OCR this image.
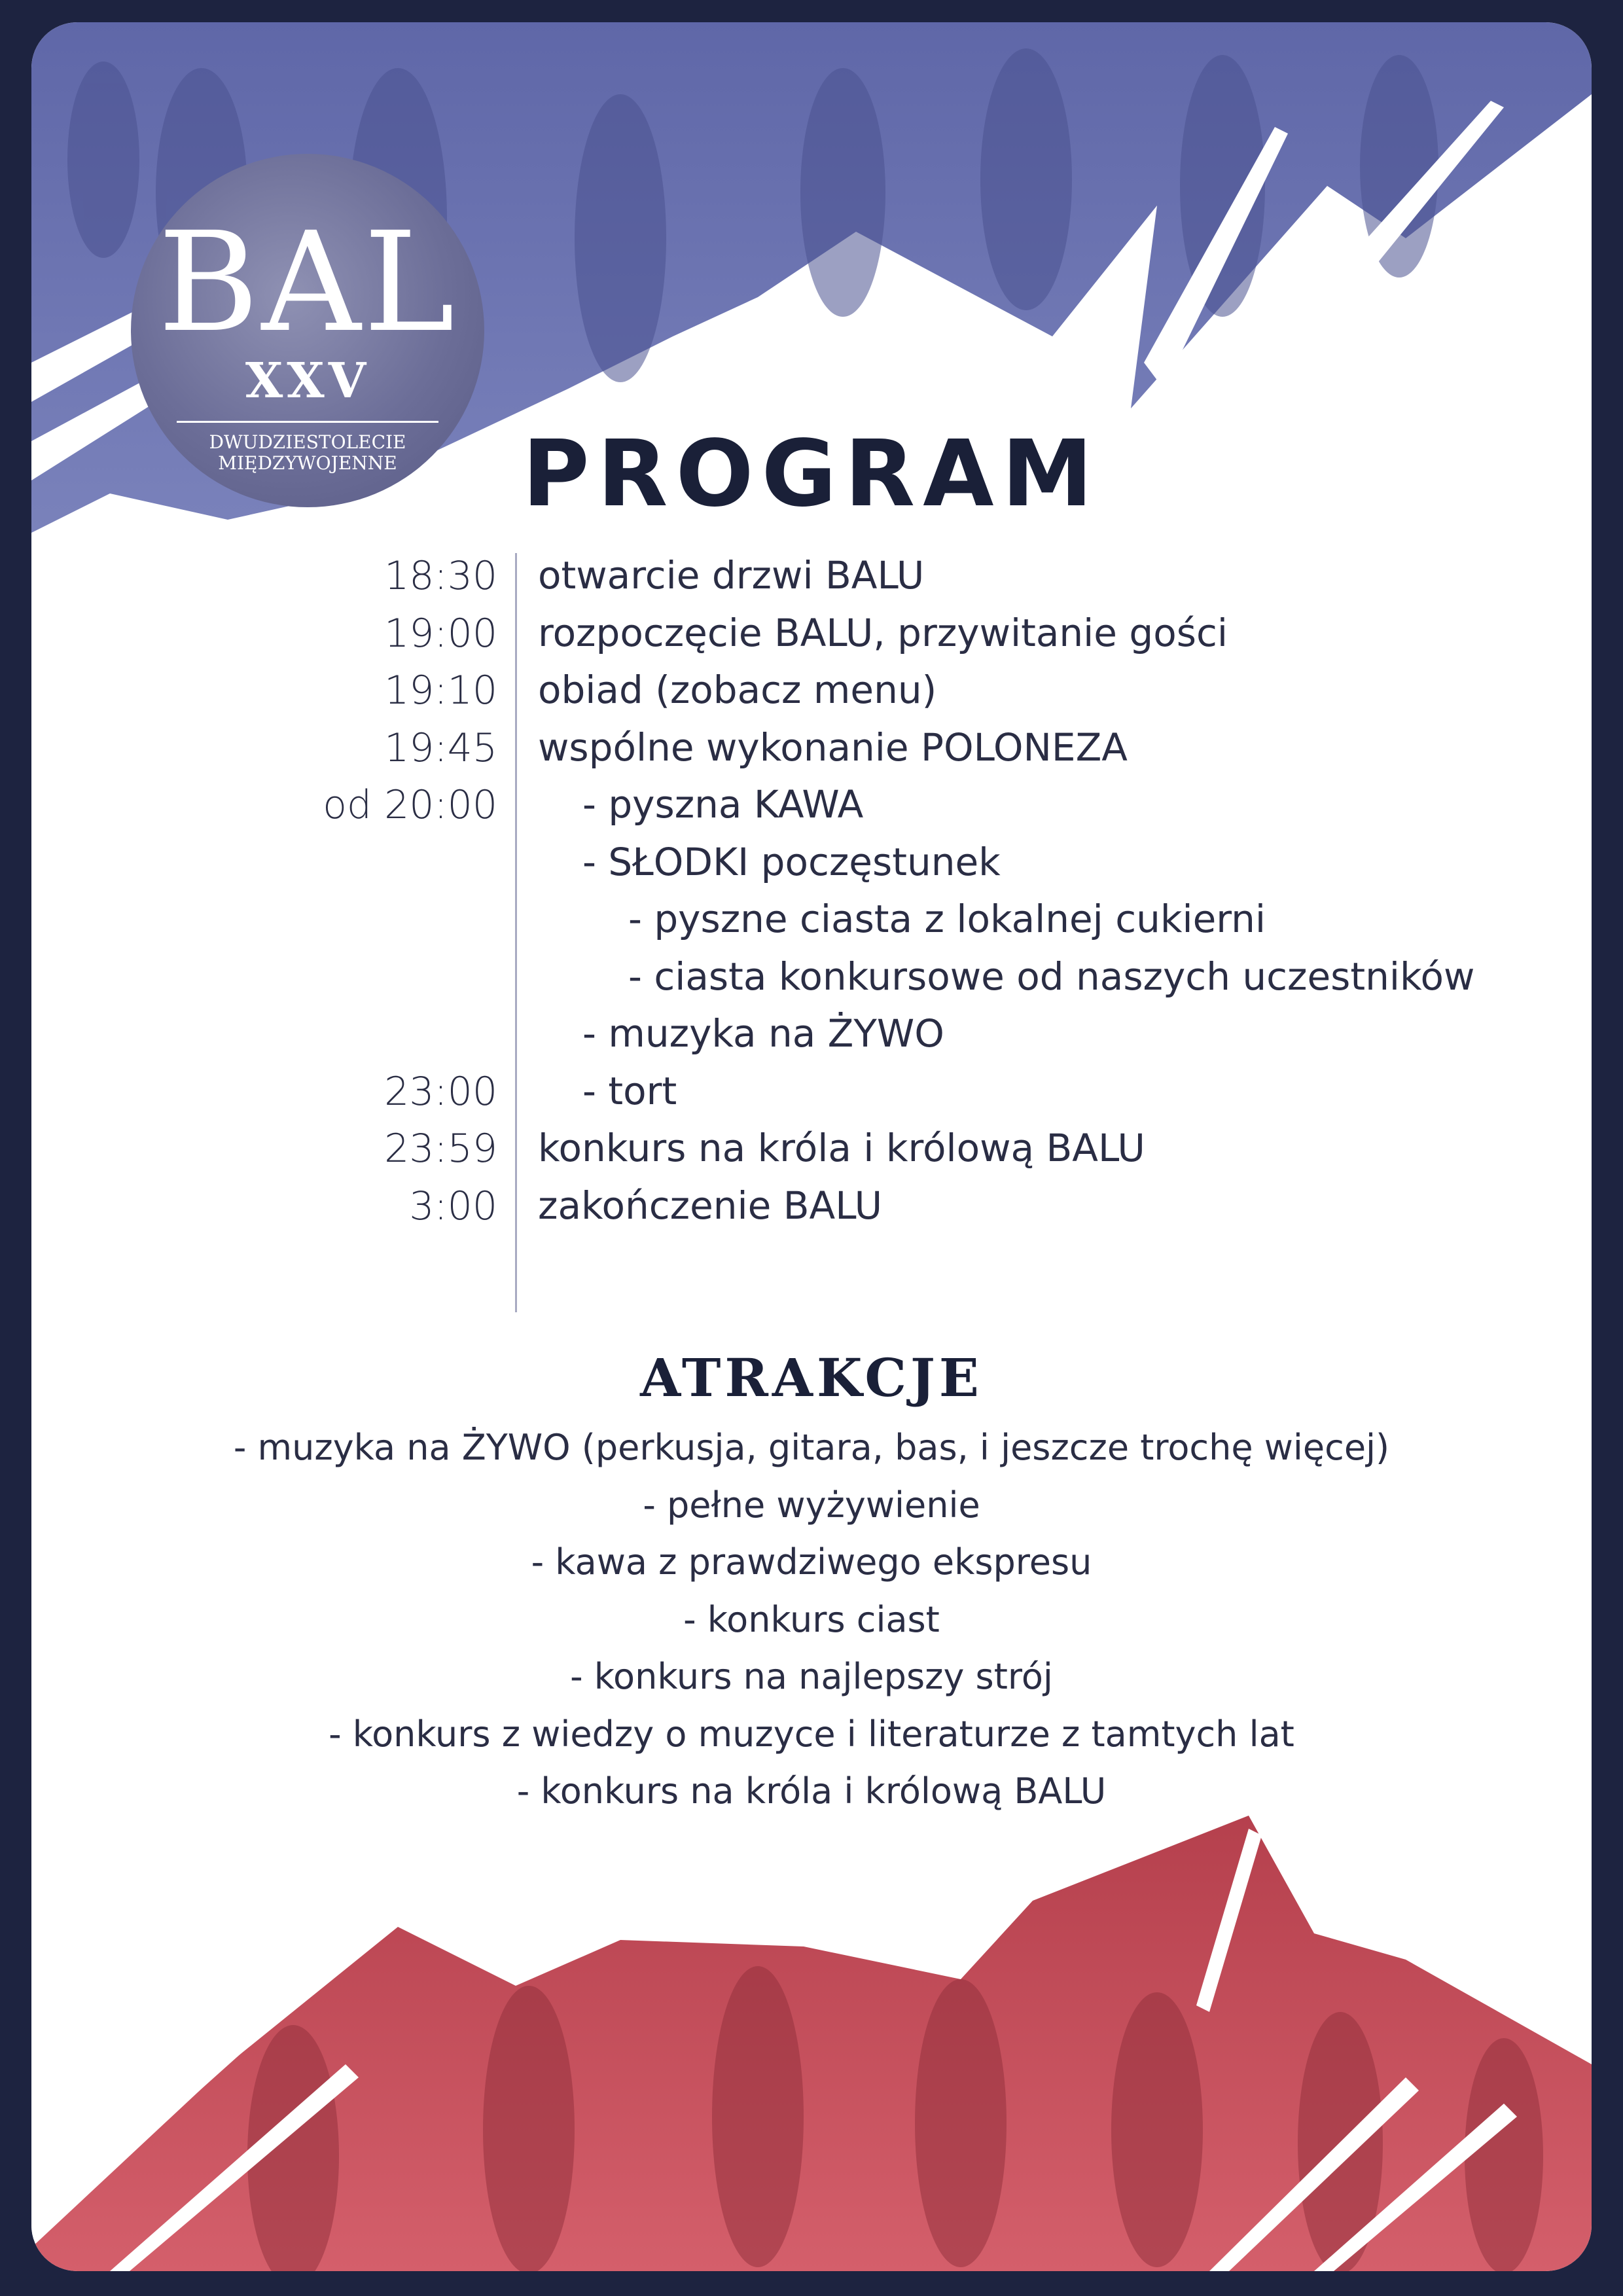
BAL
XXV
DWUDZIESTOLECIE
MIĘDZYWOJENNE	PROGRAM
18:30 otwarcie drzwi BALU
19:00 rozpoczęcie BALU, przywitanie gości
19:10 obiad (zobacz menu)
19:45 wspólne wykonanie POLONEZA
od 20:00 - pyszna KAWA
- SŁODKI poczęstunek
- pyszne ciasta z lokalnej cukierni
- ciasta konkursowe od naszych uczestników
- muzyka na ŻYWO
23:00 - tort
23:59 konkurs na króla i królową BALU
3:00 zakończenie BALU
ATRAKCJE
- muzyka na ŻYWO (perkusja, gitara, bas, i jeszcze trochę więcej)
- pełne wyżywienie
- kawa z prawdziwego ekspresu
- konkurs ciast
- konkurs na najlepszy strój
- konkurs z wiedzy o muzyce i literaturze z tamtych lat
- konkurs na króla i królową BALU
